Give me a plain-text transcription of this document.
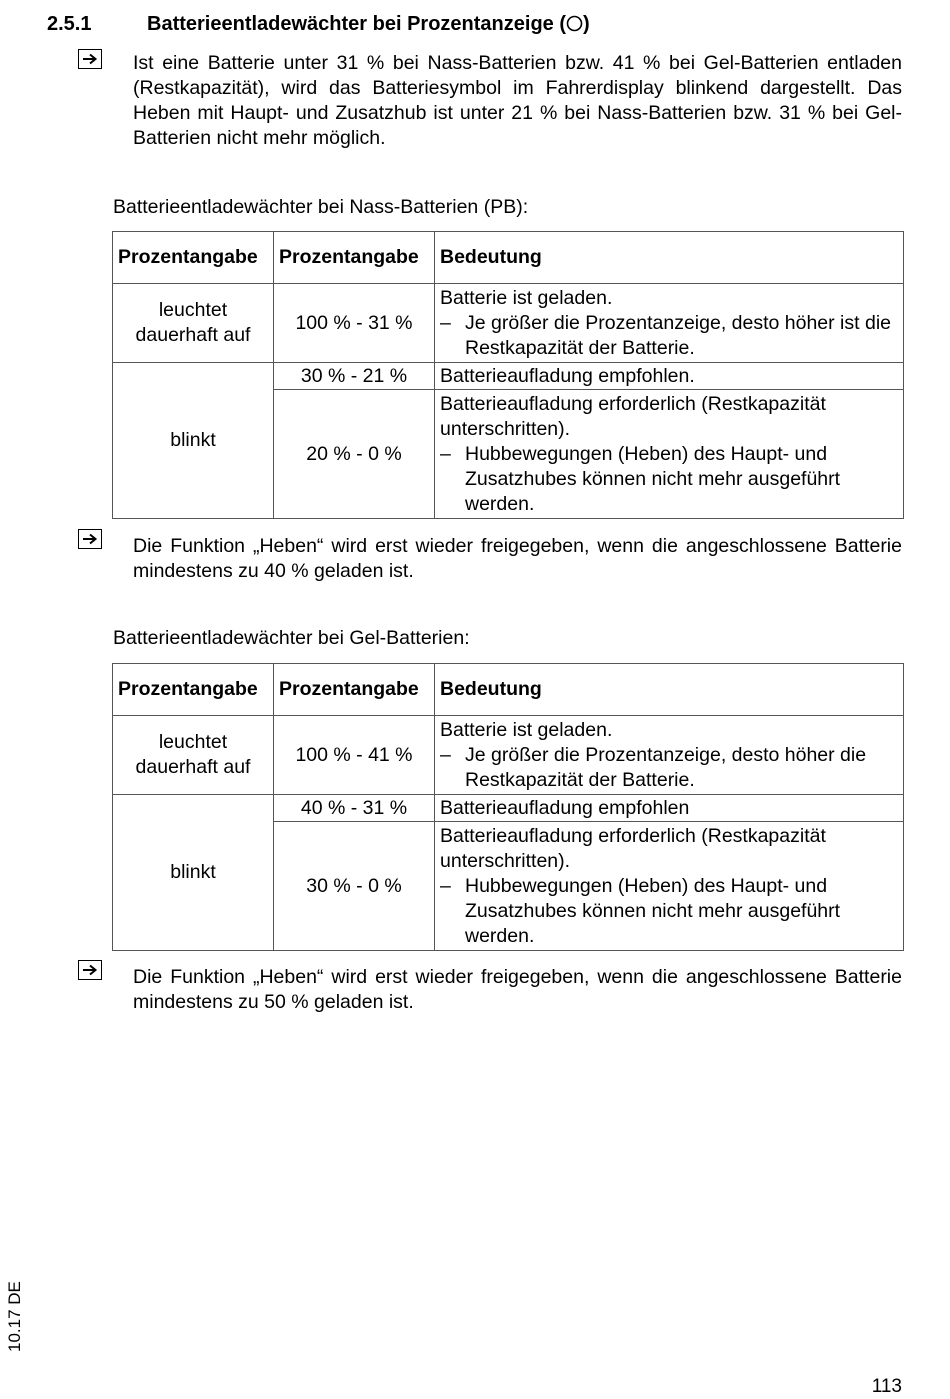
2.5.1	Batterieentladewächter bei Prozentanzeige ( )
Ist eine Batterie unter 31 % bei Nass-Batterien bzw. 41 % bei Gel-Batterien entladen (Restkapazität), wird das Batteriesymbol im Fahrerdisplay blinkend dargestellt. Das Heben mit Haupt- und Zusatzhub ist unter 21 % bei Nass-Batterien bzw. 31 % bei Gel-Batterien nicht mehr möglich.
Batterieentladewächter bei Nass-Batterien (PB):
Prozentangabe	Prozentangabe	Bedeutung
leuchtet dauerhaft auf	100 % - 31 %	Batterie ist geladen.
– Je größer die Prozentanzeige, desto höher ist die Restkapazität der Batterie.

blinkt	30 % - 21 %	Batterieaufladung empfohlen.
	20 % - 0 %	Batterieaufladung erforderlich (Restkapazität unterschritten).
– Hubbewegungen (Heben) des Haupt- und Zusatzhubes können nicht mehr ausgeführt werden.
Die Funktion „Heben“ wird erst wieder freigegeben, wenn die angeschlossene Batterie mindestens zu 40 % geladen ist.
Batterieentladewächter bei Gel-Batterien:
Prozentangabe	Prozentangabe	Bedeutung
leuchtet dauerhaft auf	100 % - 41 %	Batterie ist geladen.
– Je größer die Prozentanzeige, desto höher die Restkapazität der Batterie.

blinkt	40 % - 31 %	Batterieaufladung empfohlen
	30 % - 0 %	Batterieaufladung erforderlich (Restkapazität unterschritten).
– Hubbewegungen (Heben) des Haupt- und Zusatzhubes können nicht mehr ausgeführt werden.
Die Funktion „Heben“ wird erst wieder freigegeben, wenn die angeschlossene Batterie mindestens zu 50 % geladen ist.
10.17 DE
113
